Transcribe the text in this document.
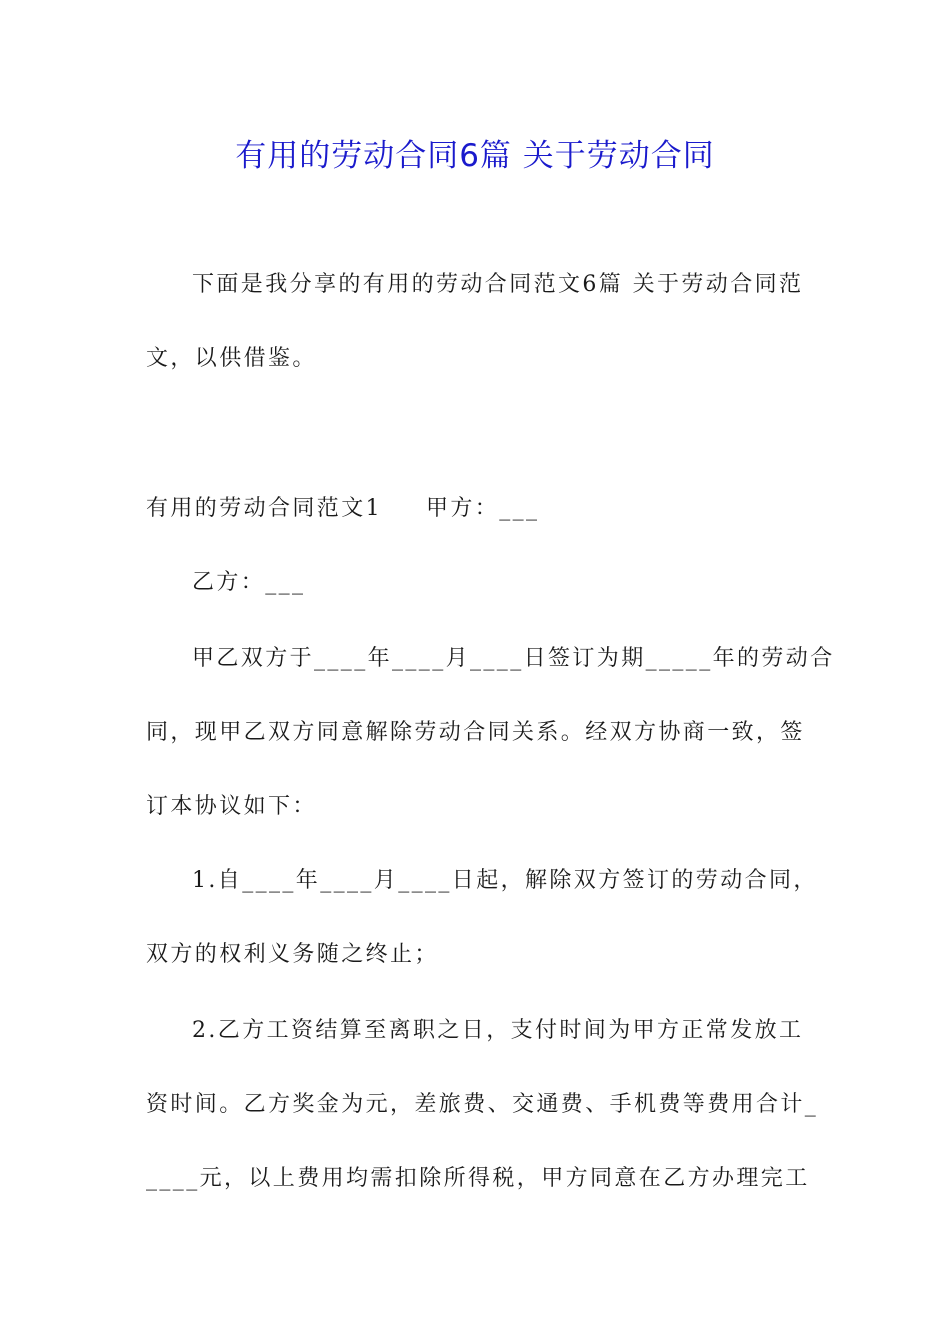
有用的劳动合同6篇 关于劳动合同
下面是我分享的有用的劳动合同范文6篇 关于劳动合同范
文，以供借鉴。
有用的劳动合同范文1 甲方：___
乙方：___
甲乙双方于____年____月____日签订为期_____年的劳动合
同，现甲乙双方同意解除劳动合同关系。经双方协商一致，签
订本协议如下：
1.自____年____月____日起，解除双方签订的劳动合同，
双方的权利义务随之终止；
2.乙方工资结算至离职之日，支付时间为甲方正常发放工
资时间。乙方奖金为元，差旅费、交通费、手机费等费用合计_
____元，以上费用均需扣除所得税，甲方同意在乙方办理完工
